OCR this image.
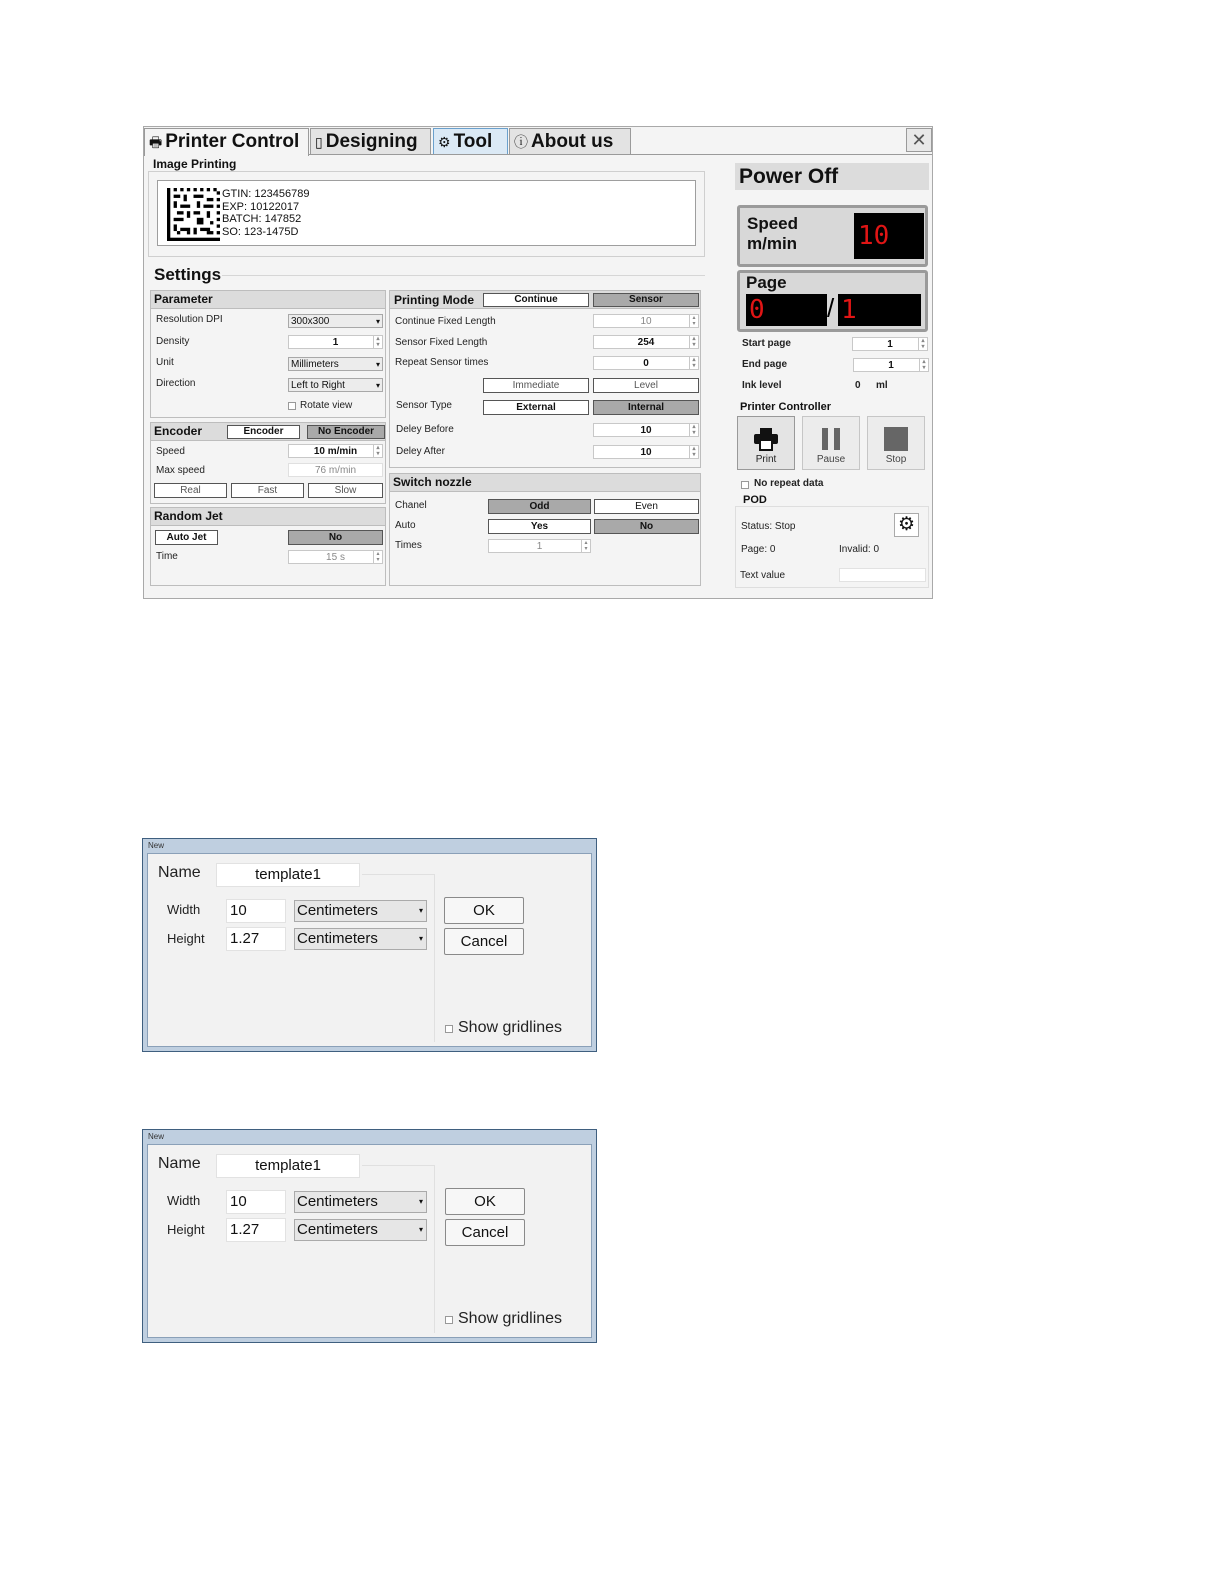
🖶 Printer Control	▯ Designing	⚙ Tool	ⓘ About us	✕
Image Printing
GTIN: 123456789
EXP: 10122017
BATCH: 147852
SO: 123-1475D
Settings
Parameter
Resolution DPI	300x300	▾
Density	1	▴
▾
Unit	Millimeters	▾
Direction	Left to Right	▾
Rotate view
Encoder	Encoder	No Encoder
Speed	10 m/min	▴
▾
Max speed	76 m/min
Real	Fast	Slow
Random Jet
Auto Jet	No
Time	15 s	▴
▾
Printing Mode	Continue	Sensor
Continue Fixed Length	10	▴
▾
Sensor Fixed Length	254	▴
▾
Repeat Sensor times	0	▴
▾
Immediate	Level
Sensor Type	External	Internal
Deley Before	10	▴
▾
Deley After	10	▴
▾
Switch nozzle
Chanel	Odd	Even
Auto	Yes	No
Times	1	▴
▾
Power Off
Speed
m/min 10
Page
0	/ 1
Start page	1	▴
▾
End page	1	▴
▾
Ink level	0 ml
Printer Controller
Print	Pause	Stop
No repeat data
POD
Status: Stop	⚙
Page: 0	Invalid: 0
Text value
New
Name	template1
Width 10	Centimeters	▾
Height 1.27	Centimeters	▾
OK
Cancel
Show gridlines
New
Name	template1
Width 10	Centimeters	▾
Height 1.27	Centimeters	▾
OK
Cancel
Show gridlines
